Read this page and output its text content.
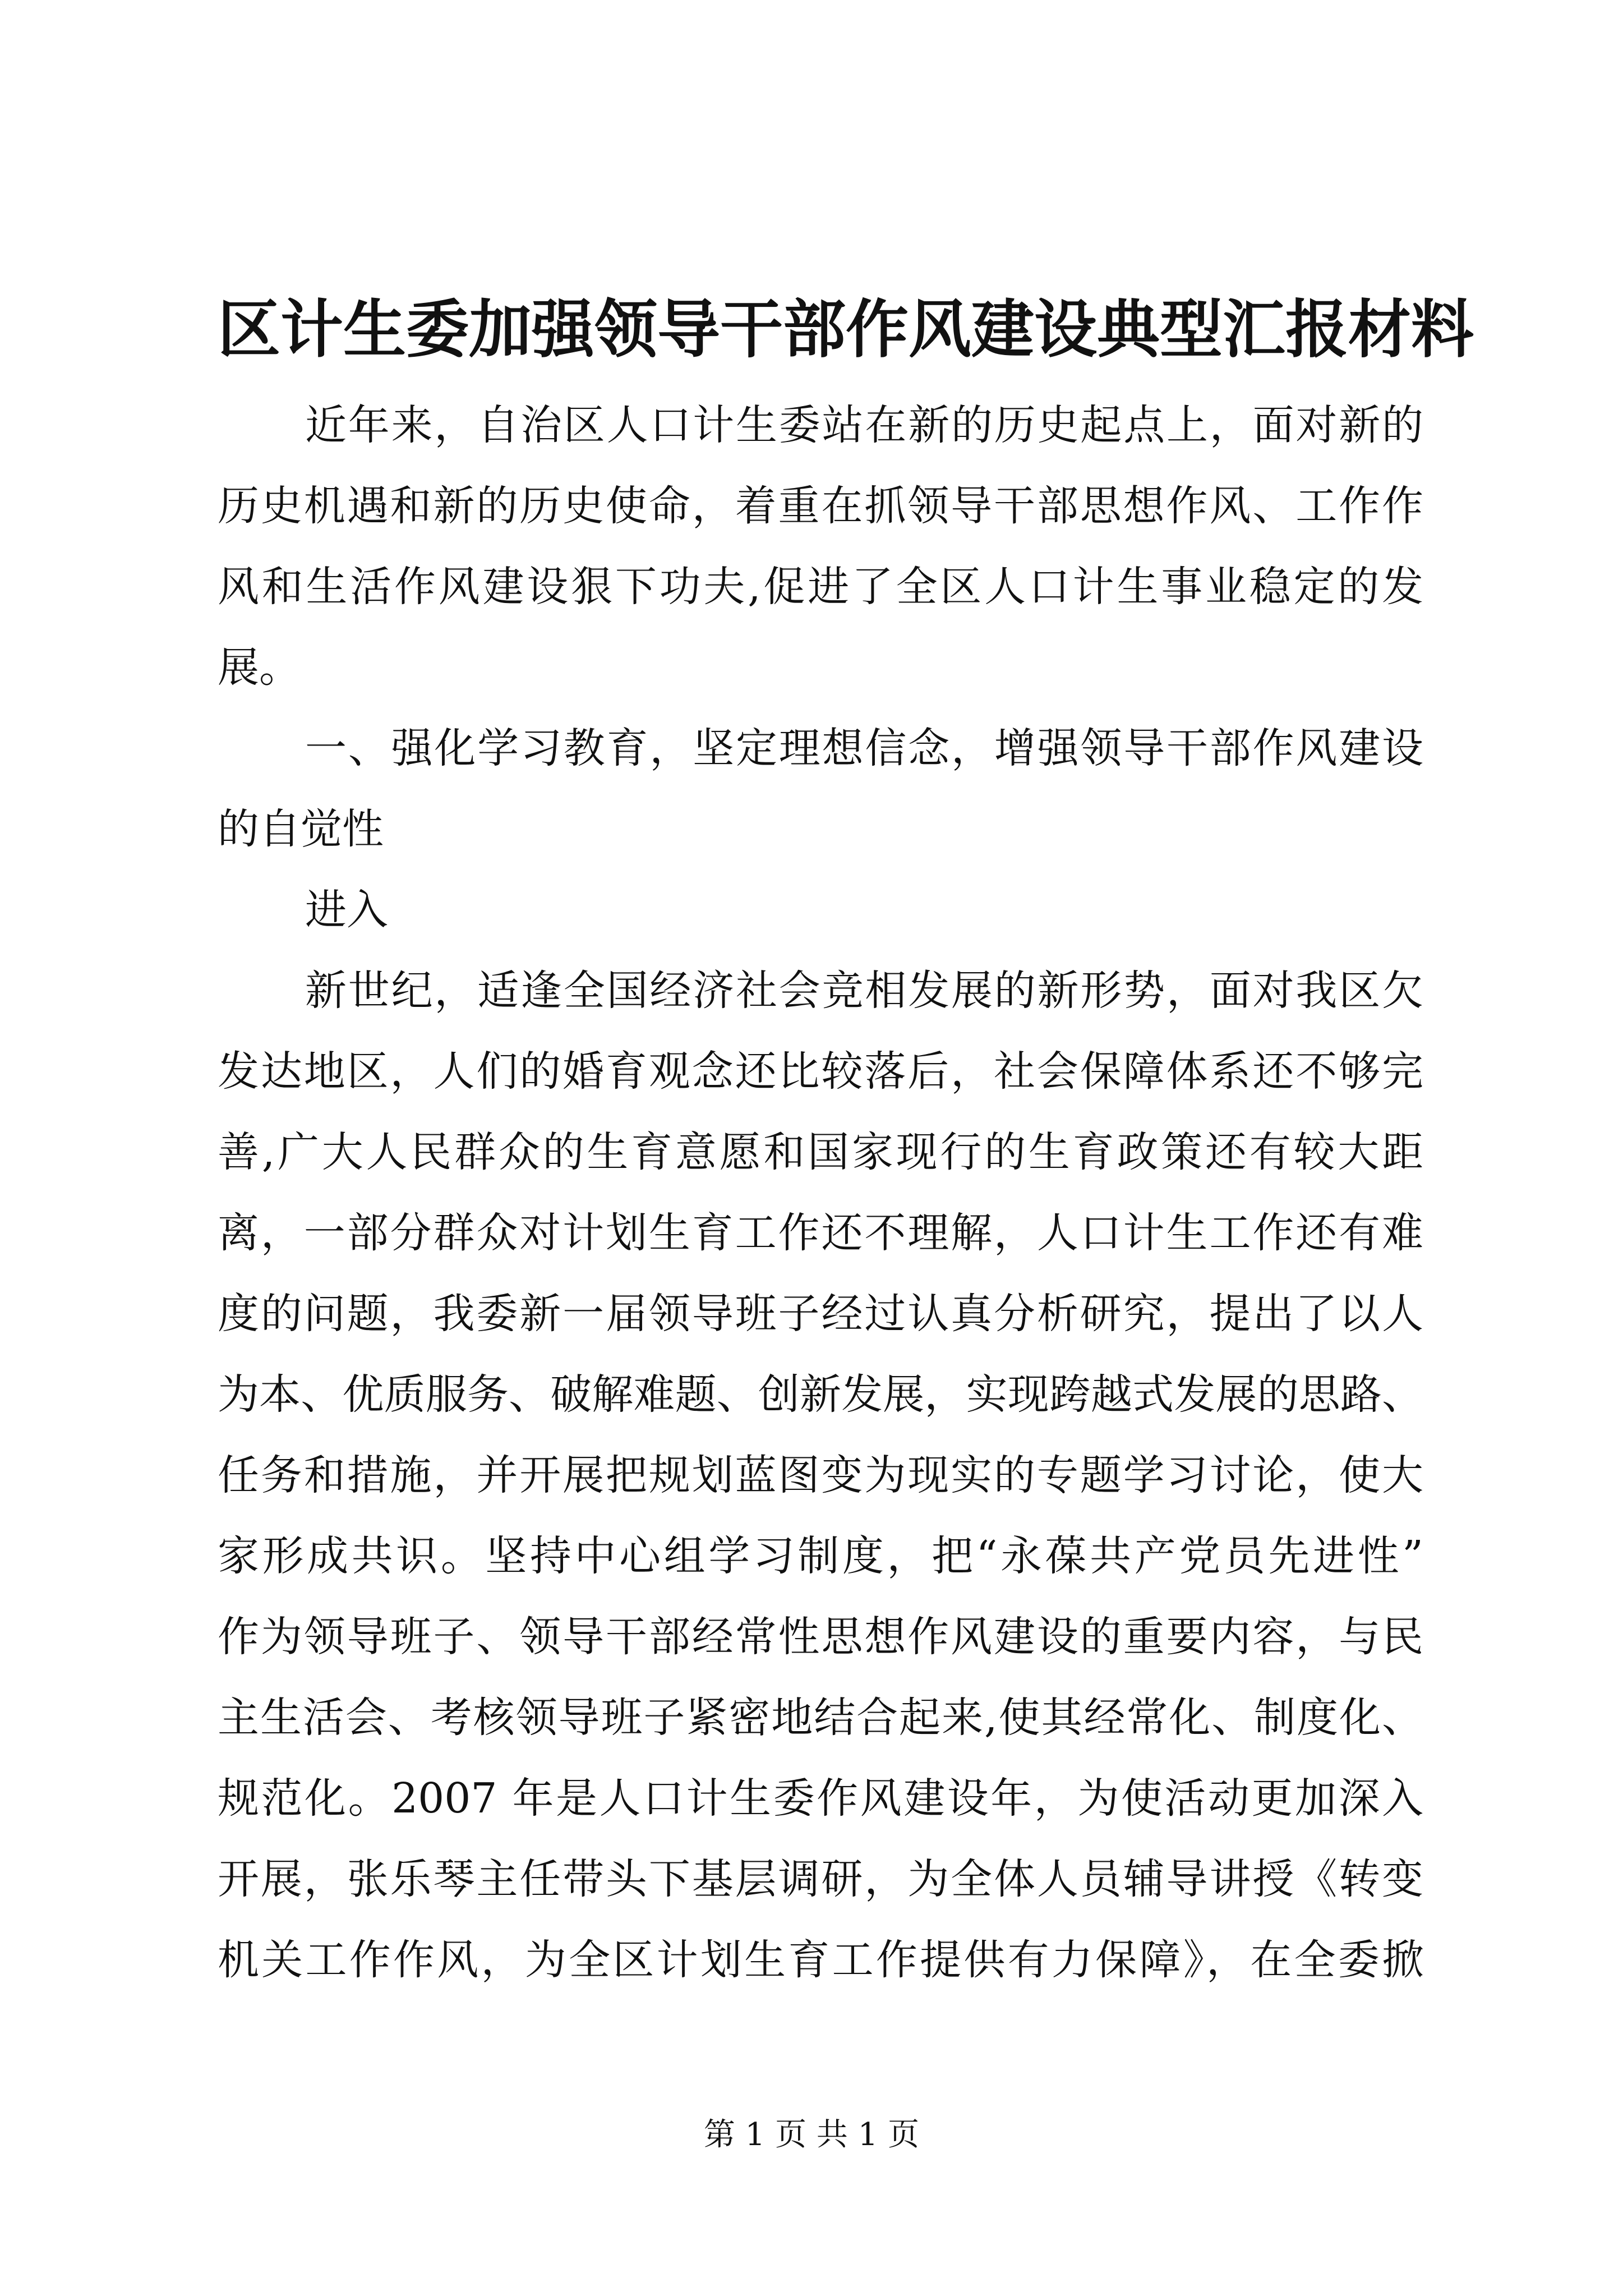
区计生委加强领导干部作风建设典型汇报材料
近年来，自治区人口计生委站在新的历史起点上，面对新的
历史机遇和新的历史使命，着重在抓领导干部思想作风、工作作
风和生活作风建设狠下功夫,促进了全区人口计生事业稳定的发
展。
一、强化学习教育，坚定理想信念，增强领导干部作风建设
的自觉性
进入
新世纪，适逢全国经济社会竞相发展的新形势，面对我区欠
发达地区，人们的婚育观念还比较落后，社会保障体系还不够完
善,广大人民群众的生育意愿和国家现行的生育政策还有较大距
离，一部分群众对计划生育工作还不理解，人口计生工作还有难
度的问题，我委新一届领导班子经过认真分析研究，提出了以人
为本、优质服务、破解难题、创新发展，实现跨越式发展的思路、
任务和措施，并开展把规划蓝图变为现实的专题学习讨论，使大
家形成共识。坚持中心组学习制度，把“永葆共产党员先进性”
作为领导班子、领导干部经常性思想作风建设的重要内容，与民
主生活会、考核领导班子紧密地结合起来,使其经常化、制度化、
规范化。2007 年是人口计生委作风建设年，为使活动更加深入
开展，张乐琴主任带头下基层调研，为全体人员辅导讲授《转变
机关工作作风，为全区计划生育工作提供有力保障》，在全委掀
第 1 页 共 1 页
